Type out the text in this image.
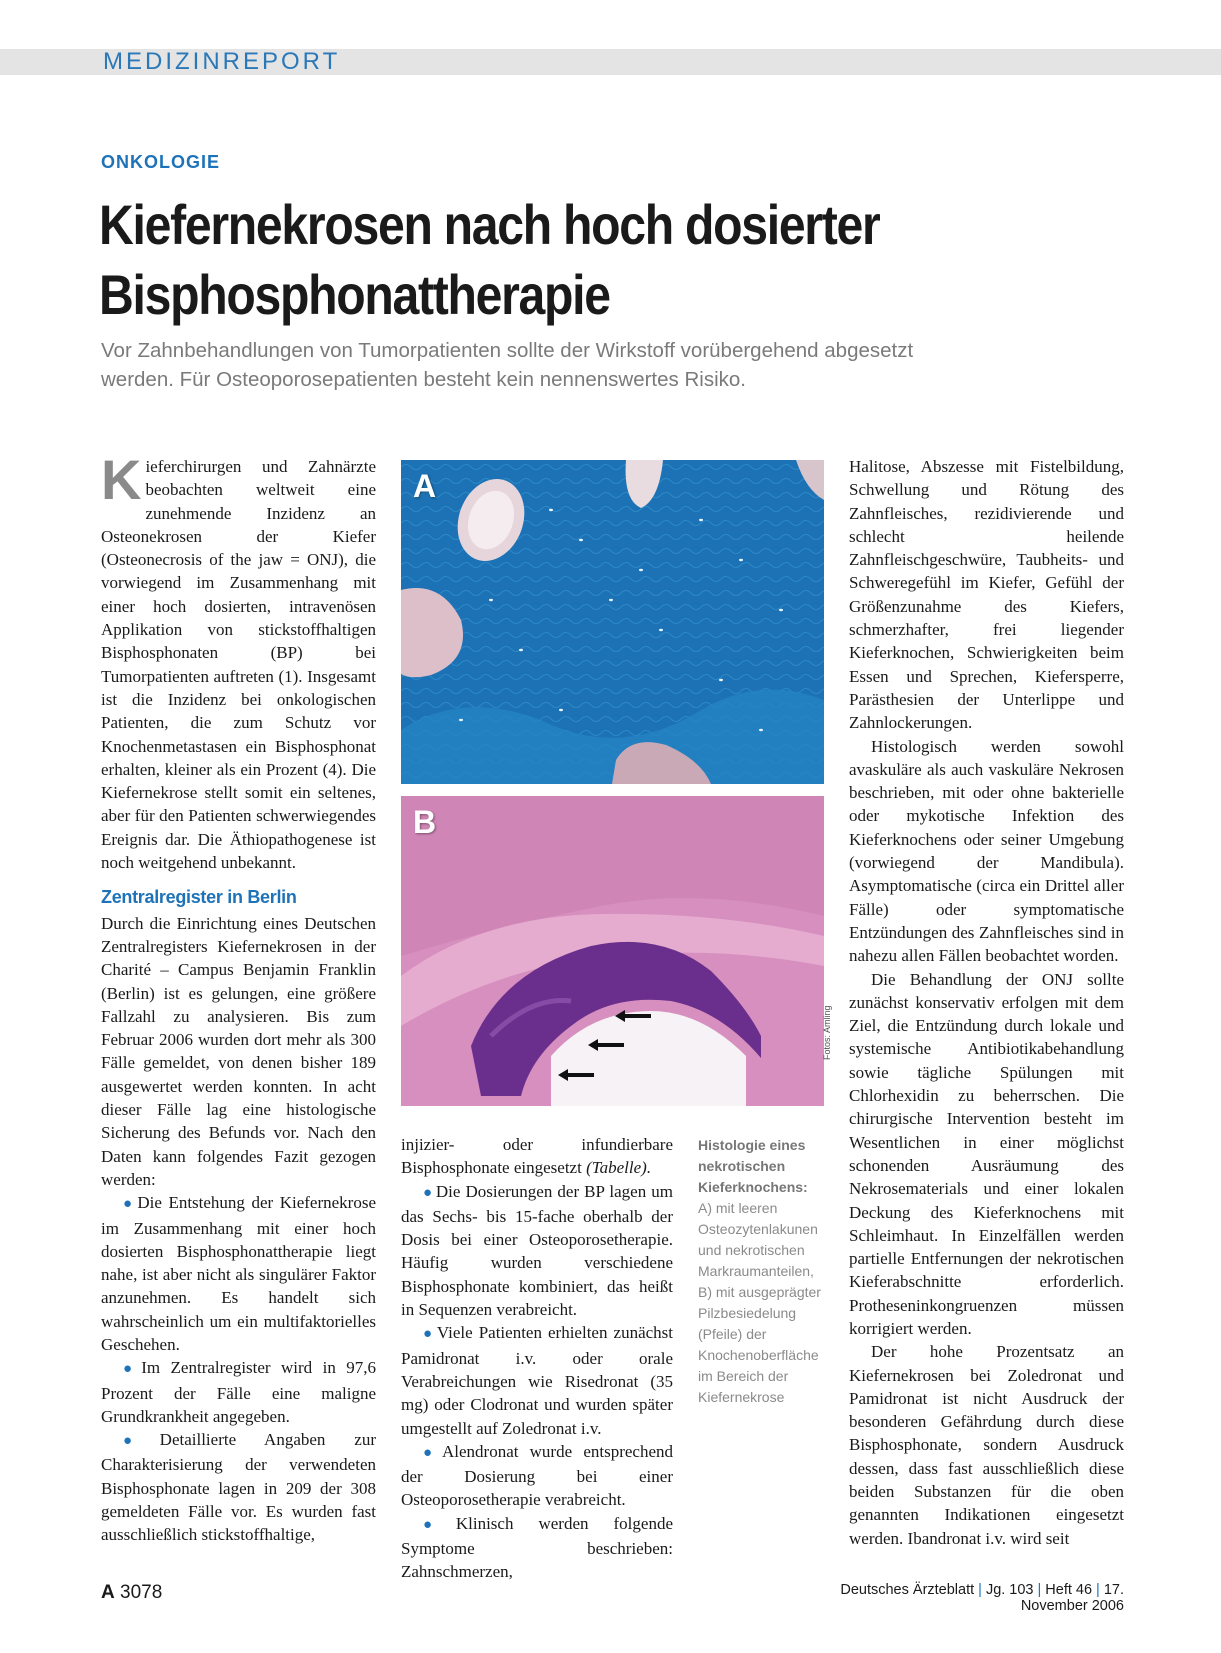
MEDIZINREPORT
ONKOLOGIE
Kiefernekrosen nach hoch dosierter
Bisphosphonattherapie
Vor Zahnbehandlungen von Tumorpatienten sollte der Wirkstoff vorübergehend abgesetzt
werden. Für Osteoporosepatienten besteht kein nennenswertes Risiko.

Kieferchirurgen und Zahnärzte beobachten weltweit eine zunehmende Inzidenz an Osteonekrosen der Kiefer (Osteonecrosis of the jaw = ONJ), die vorwiegend im Zusammenhang mit einer hoch dosierten, intravenösen Applikation von stickstoffhaltigen Bisphosphonaten (BP) bei Tumorpatienten auftreten (1). Insgesamt ist die Inzidenz bei onkologischen Patienten, die zum Schutz vor Knochenmetastasen ein Bisphosphonat erhalten, kleiner als ein Prozent (4). Die Kiefernekrose stellt somit ein seltenes, aber für den Patienten schwerwiegendes Ereignis dar. Die Äthiopathogenese ist noch weitgehend unbekannt.

Zentralregister in Berlin

Durch die Einrichtung eines Deutschen Zentralregisters Kiefernekrosen in der Charité – Campus Benjamin Franklin (Berlin) ist es gelungen, eine größere Fallzahl zu analysieren. Bis zum Februar 2006 wurden dort mehr als 300 Fälle gemeldet, von denen bisher 189 ausgewertet werden konnten. In acht dieser Fälle lag eine histologische Sicherung des Befunds vor. Nach den Daten kann folgendes Fazit gezogen werden:

● Die Entstehung der Kiefernekrose im Zusammenhang mit einer hoch dosierten Bisphosphonattherapie liegt nahe, ist aber nicht als singulärer Faktor anzunehmen. Es handelt sich wahrscheinlich um ein multifaktorielles Geschehen.

● Im Zentralregister wird in 97,6 Prozent der Fälle eine maligne Grundkrankheit angegeben.

● Detaillierte Angaben zur Charakterisierung der verwendeten Bisphosphonate lagen in 209 der 308 gemeldeten Fälle vor. Es wurden fast ausschließlich stickstoffhaltige,

A
B
Fotos: Amling

injizier- oder infundierbare Bisphosphonate eingesetzt (Tabelle).

● Die Dosierungen der BP lagen um das Sechs- bis 15-fache oberhalb der Dosis bei einer Osteoporosetherapie. Häufig wurden verschiedene Bisphosphonate kombiniert, das heißt in Sequenzen verabreicht.

● Viele Patienten erhielten zunächst Pamidronat i.v. oder orale Verabreichungen wie Risedronat (35 mg) oder Clodronat und wurden später umgestellt auf Zoledronat i.v.

● Alendronat wurde entsprechend der Dosierung bei einer Osteoporosetherapie verabreicht.

● Klinisch werden folgende Symptome beschrieben: Zahnschmerzen,

Histologie eines nekrotischen Kieferknochens:
A) mit leeren Osteozytenlakunen und nekrotischen Markraumanteilen, B) mit ausgeprägter Pilzbesiedelung (Pfeile) der Knochenoberfläche im Bereich der Kiefernekrose

Halitose, Abszesse mit Fistelbildung, Schwellung und Rötung des Zahnfleisches, rezidivierende und schlecht heilende Zahnfleischgeschwüre, Taubheits- und Schweregefühl im Kiefer, Gefühl der Größenzunahme des Kiefers, schmerzhafter, frei liegender Kieferknochen, Schwierigkeiten beim Essen und Sprechen, Kiefersperre, Parästhesien der Unterlippe und Zahnlockerungen.

Histologisch werden sowohl avaskuläre als auch vaskuläre Nekrosen beschrieben, mit oder ohne bakterielle oder mykotische Infektion des Kieferknochens oder seiner Umgebung (vorwiegend der Mandibula). Asymptomatische (circa ein Drittel aller Fälle) oder symptomatische Entzündungen des Zahnfleisches sind in nahezu allen Fällen beobachtet worden.

Die Behandlung der ONJ sollte zunächst konservativ erfolgen mit dem Ziel, die Entzündung durch lokale und systemische Antibiotikabehandlung sowie tägliche Spülungen mit Chlorhexidin zu beherrschen. Die chirurgische Intervention besteht im Wesentlichen in einer möglichst schonenden Ausräumung des Nekrosematerials und einer lokalen Deckung des Kieferknochens mit Schleimhaut. In Einzelfällen werden partielle Entfernungen der nekrotischen Kieferabschnitte erforderlich. Protheseninkongruenzen müssen korrigiert werden.

Der hohe Prozentsatz an Kiefernekrosen bei Zoledronat und Pamidronat ist nicht Ausdruck der besonderen Gefährdung durch diese Bisphosphonate, sondern Ausdruck dessen, dass fast ausschließlich diese beiden Substanzen für die oben genannten Indikationen eingesetzt werden. Ibandronat i.v. wird seit

A 3078	Deutsches Ärzteblatt | Jg. 103 | Heft 46 | 17. November 2006
